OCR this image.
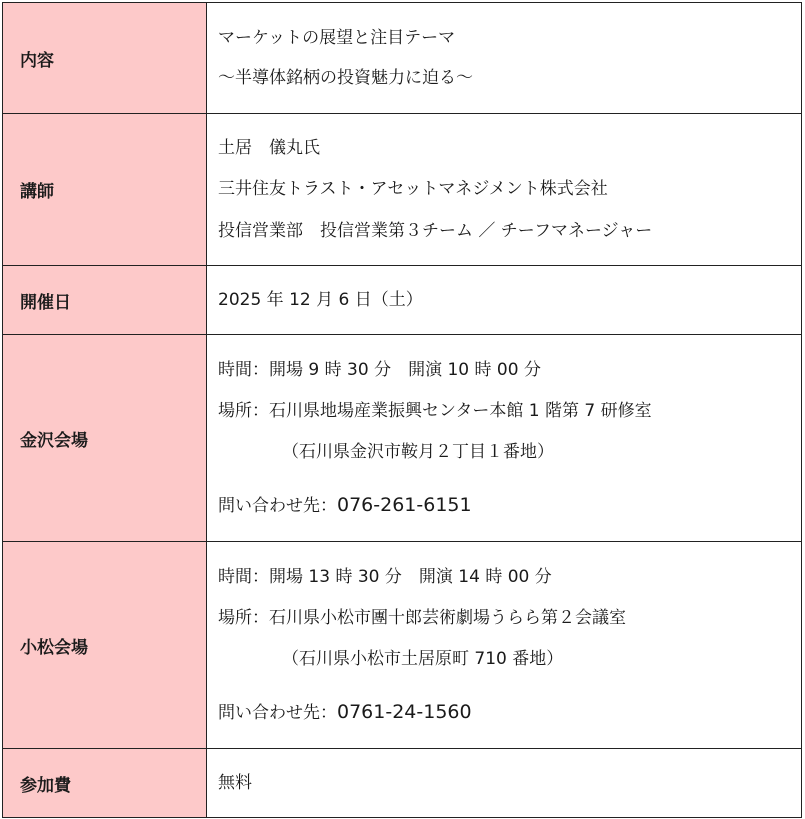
内容	マーケットの展望と注目テーマ
～半導体銘柄の投資魅力に迫る～

講師	土居　儀丸氏
三井住友トラスト・アセットマネジメント株式会社
投信営業部　投信営業第３チーム ／ チーフマネージャー

開催日	2025 年 12 月 6 日（土）

金沢会場	時間：開場 9 時 30 分　開演 10 時 00 分
場所：石川県地場産業振興センター本館 1 階第 7 研修室
（石川県金沢市鞍月２丁目１番地）
問い合わせ先：076-261-6151

小松会場	時間：開場 13 時 30 分　開演 14 時 00 分
場所：石川県小松市團十郎芸術劇場うらら第２会議室
（石川県小松市土居原町 710 番地）
問い合わせ先：0761-24-1560

参加費	無料
